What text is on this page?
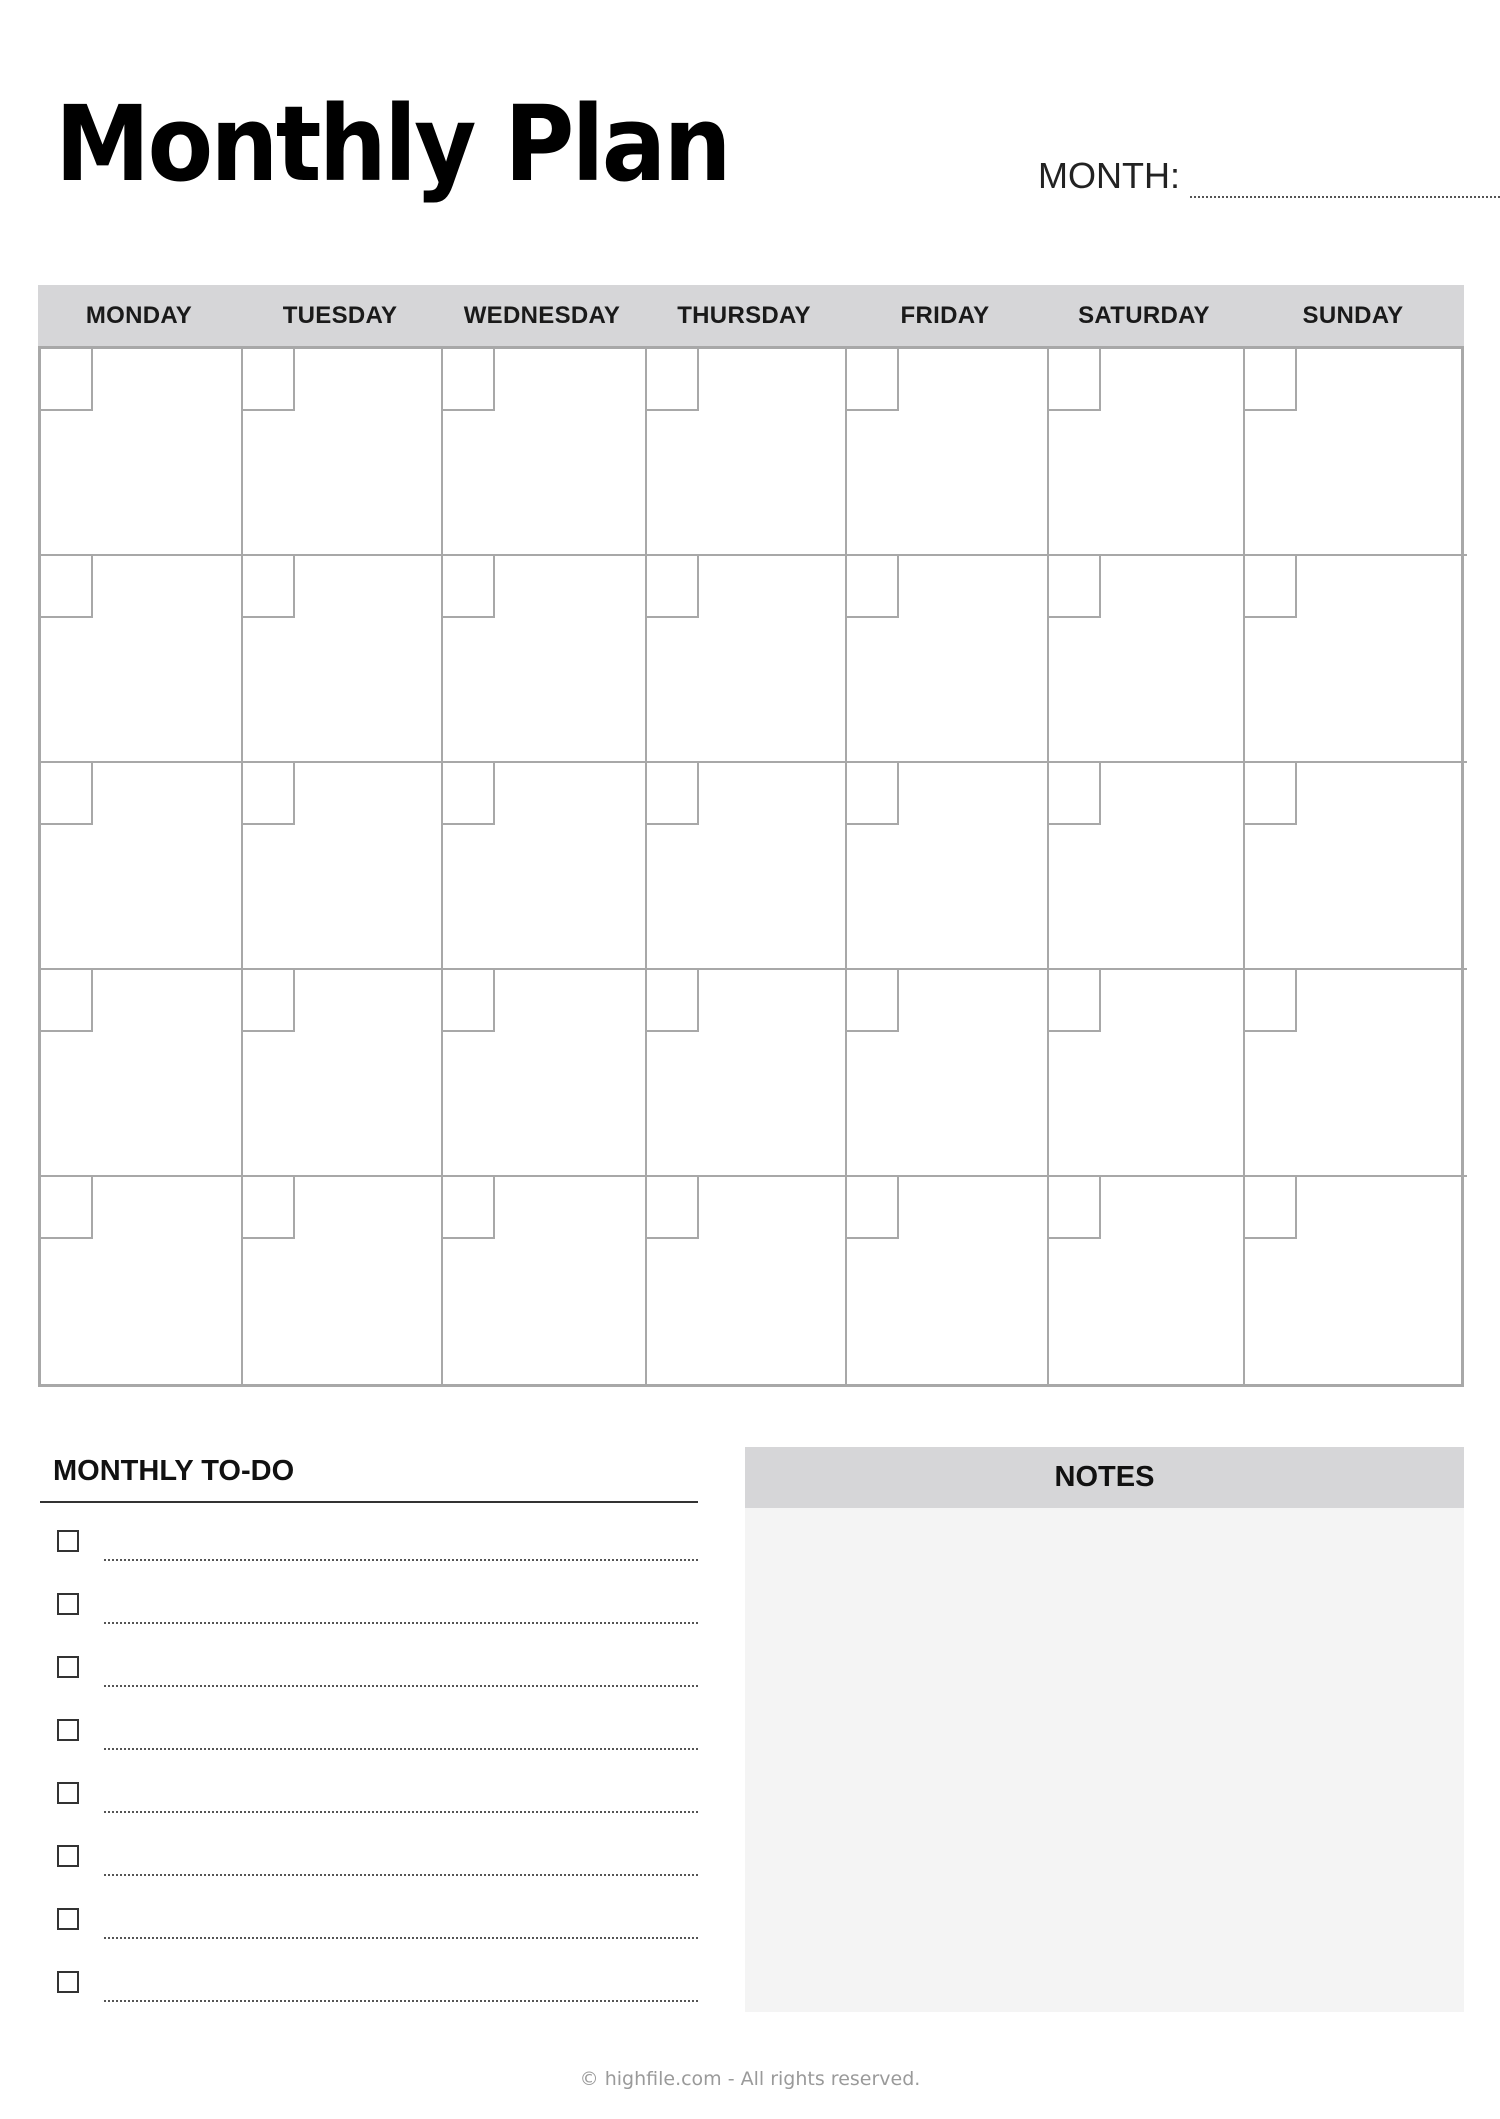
Monthly Plan	MONTH:
MONDAY	TUESDAY	WEDNESDAY	THURSDAY	FRIDAY	SATURDAY	SUNDAY
MONTHLY TO-DO	NOTES
© highfile.com - All rights reserved.
